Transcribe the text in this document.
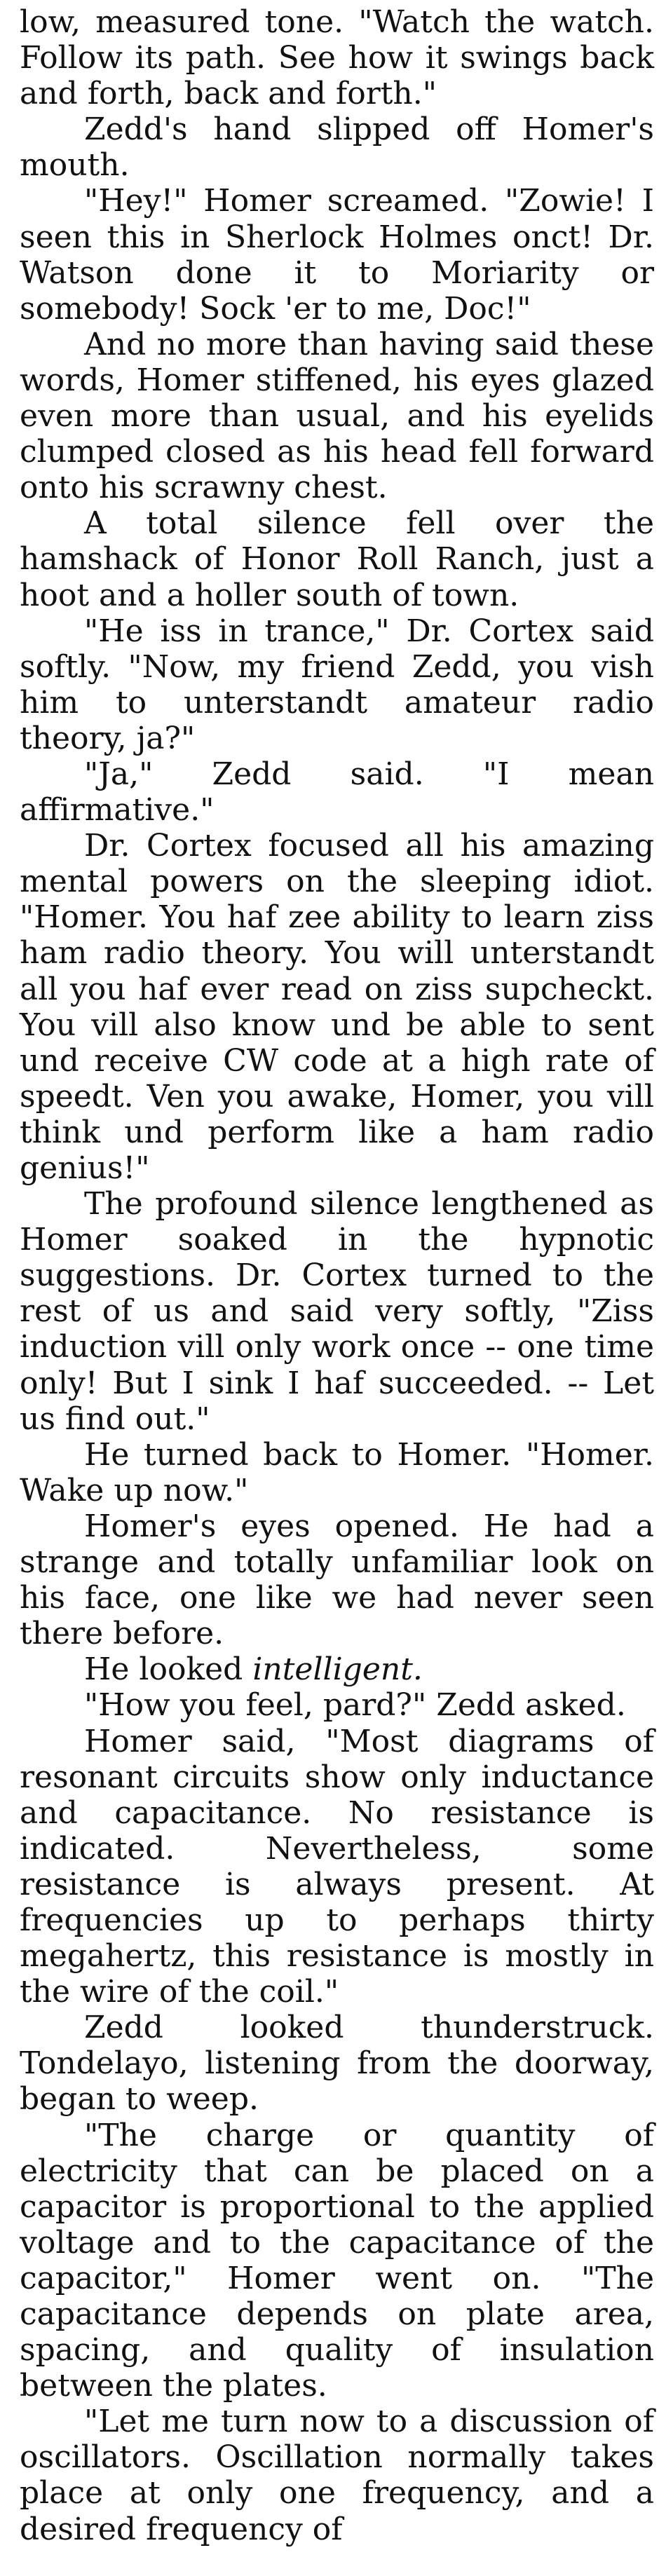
low, measured tone. "Watch the watch. Follow its path. See how it swings back and forth, back and forth."

Zedd's hand slipped off Homer's mouth.

"Hey!" Homer screamed. "Zowie! I seen this in Sherlock Holmes onct! Dr. Watson done it to Moriarity or somebody! Sock 'er to me, Doc!"

And no more than having said these words, Homer stiffened, his eyes glazed even more than usual, and his eyelids clumped closed as his head fell forward onto his scrawny chest.

A total silence fell over the hamshack of Honor Roll Ranch, just a hoot and a holler south of town.

"He iss in trance," Dr. Cortex said softly. "Now, my friend Zedd, you vish him to unterstandt amateur radio theory, ja?"

"Ja," Zedd said. "I mean affirmative."

Dr. Cortex focused all his amazing mental powers on the sleeping idiot. "Homer. You haf zee ability to learn ziss ham radio theory. You will unterstandt all you haf ever read on ziss supcheckt. You vill also know und be able to sent und receive CW code at a high rate of speedt. Ven you awake, Homer, you vill think und perform like a ham radio genius!"

The profound silence lengthened as Homer soaked in the hypnotic suggestions. Dr. Cortex turned to the rest of us and said very softly, "Ziss induction vill only work once -- one time only! But I sink I haf succeeded. -- Let us find out."

He turned back to Homer. "Homer. Wake up now."

Homer's eyes opened. He had a strange and totally unfamiliar look on his face, one like we had never seen there before.

He looked intelligent.

"How you feel, pard?" Zedd asked.

Homer said, "Most diagrams of resonant circuits show only inductance and capacitance. No resistance is indicated. Nevertheless, some resistance is always present. At frequencies up to perhaps thirty megahertz, this resistance is mostly in the wire of the coil."

Zedd looked thunderstruck. Tondelayo, listening from the doorway, began to weep.

"The charge or quantity of electricity that can be placed on a capacitor is proportional to the applied voltage and to the capacitance of the capacitor," Homer went on. "The capacitance depends on plate area, spacing, and quality of insulation between the plates.

"Let me turn now to a discussion of oscillators. Oscillation normally takes place at only one frequency, and a desired frequency of
